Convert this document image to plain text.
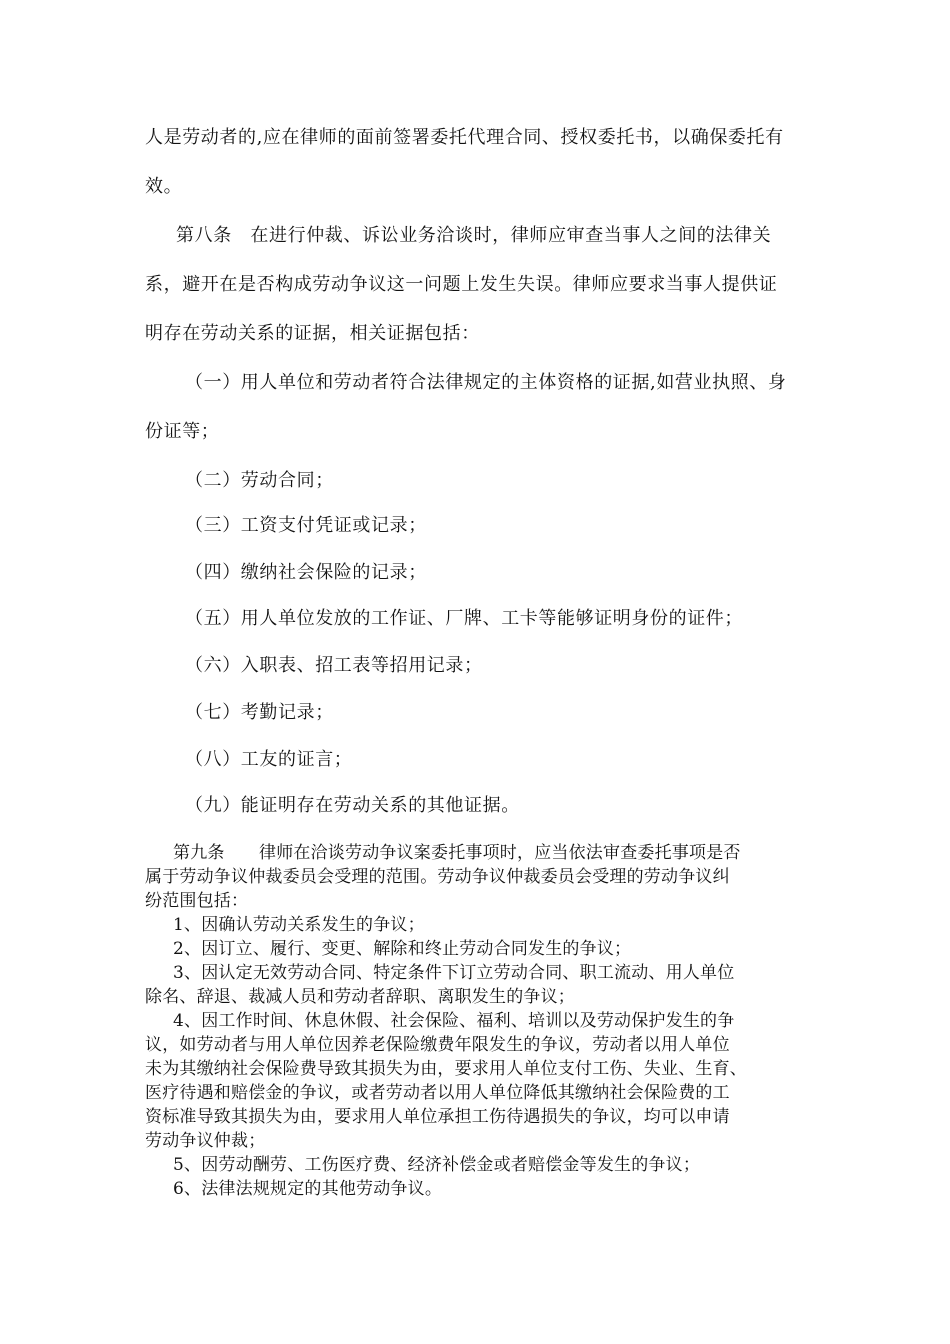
人是劳动者的,应在律师的面前签署委托代理合同、授权委托书，以确保委托有
效。
第八条　在进行仲裁、诉讼业务洽谈时，律师应审查当事人之间的法律关
系，避开在是否构成劳动争议这一问题上发生失误。律师应要求当事人提供证
明存在劳动关系的证据，相关证据包括：
（一）用人单位和劳动者符合法律规定的主体资格的证据,如营业执照、身
份证等；
（二）劳动合同；
（三）工资支付凭证或记录；
（四）缴纳社会保险的记录；
（五）用人单位发放的工作证、厂牌、工卡等能够证明身份的证件；
（六）入职表、招工表等招用记录；
（七）考勤记录；
（八）工友的证言；
（九）能证明存在劳动关系的其他证据。
第九条　　律师在洽谈劳动争议案委托事项时，应当依法审查委托事项是否
属于劳动争议仲裁委员会受理的范围。劳动争议仲裁委员会受理的劳动争议纠
纷范围包括：
1、因确认劳动关系发生的争议；
2、因订立、履行、变更、解除和终止劳动合同发生的争议；
3、因认定无效劳动合同、特定条件下订立劳动合同、职工流动、用人单位
除名、辞退、裁减人员和劳动者辞职、离职发生的争议；
4、因工作时间、休息休假、社会保险、福利、培训以及劳动保护发生的争
议，如劳动者与用人单位因养老保险缴费年限发生的争议，劳动者以用人单位
未为其缴纳社会保险费导致其损失为由，要求用人单位支付工伤、失业、生育、
医疗待遇和赔偿金的争议，或者劳动者以用人单位降低其缴纳社会保险费的工
资标准导致其损失为由，要求用人单位承担工伤待遇损失的争议，均可以申请
劳动争议仲裁；
5、因劳动酬劳、工伤医疗费、经济补偿金或者赔偿金等发生的争议；
6、法律法规规定的其他劳动争议。
